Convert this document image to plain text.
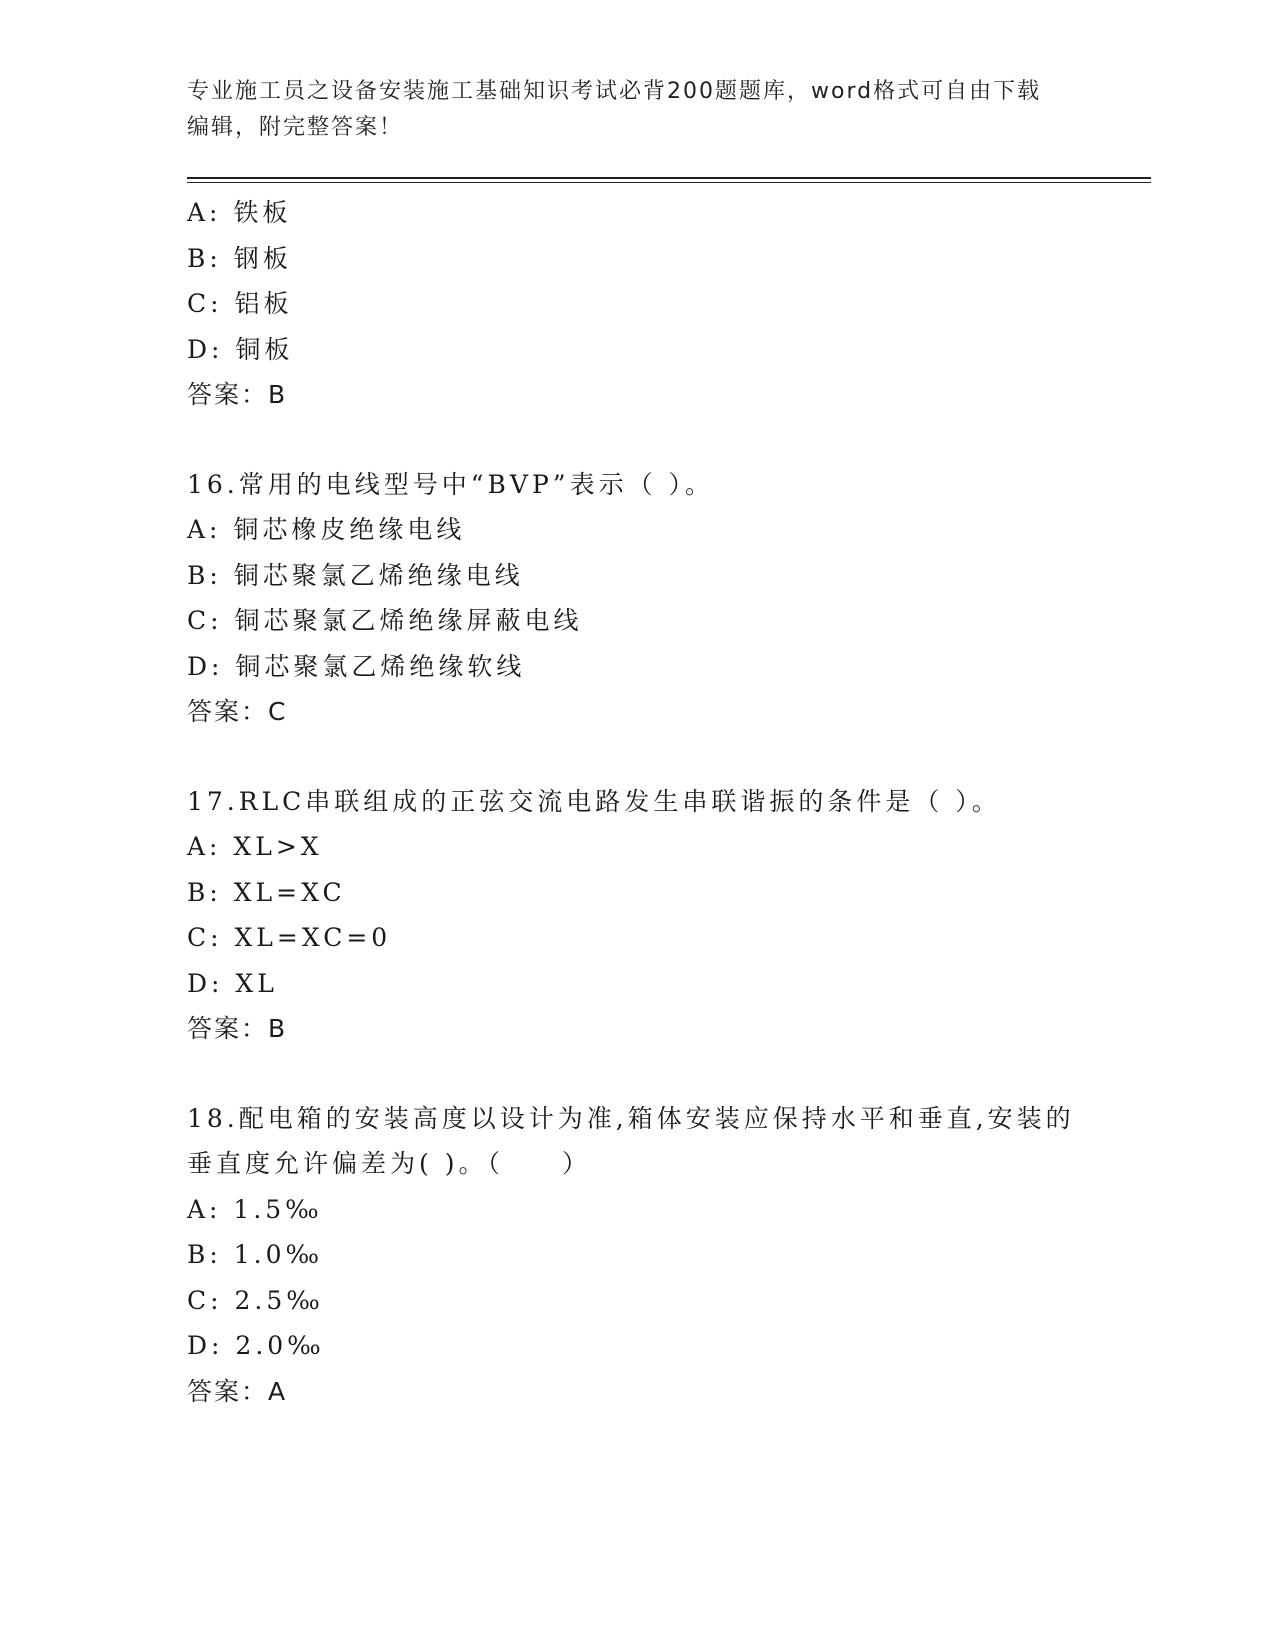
专业施工员之设备安装施工基础知识考试必背200题题库，word格式可自由下载
编辑，附完整答案！
A: 铁板
B: 钢板
C: 铝板
D: 铜板
答案：B
16.常用的电线型号中“BVP”表示（ ）。
A: 铜芯橡皮绝缘电线
B: 铜芯聚氯乙烯绝缘电线
C: 铜芯聚氯乙烯绝缘屏蔽电线
D: 铜芯聚氯乙烯绝缘软线
答案：C
17.RLC串联组成的正弦交流电路发生串联谐振的条件是（ ）。
A: XL>X
B: XL=XC
C: XL=XC=0
D: XL
答案：B
18.配电箱的安装高度以设计为准,箱体安装应保持水平和垂直,安装的
垂直度允许偏差为( )。（　　）
A: 1.5‰
B: 1.0‰
C: 2.5‰
D: 2.0‰
答案：A
